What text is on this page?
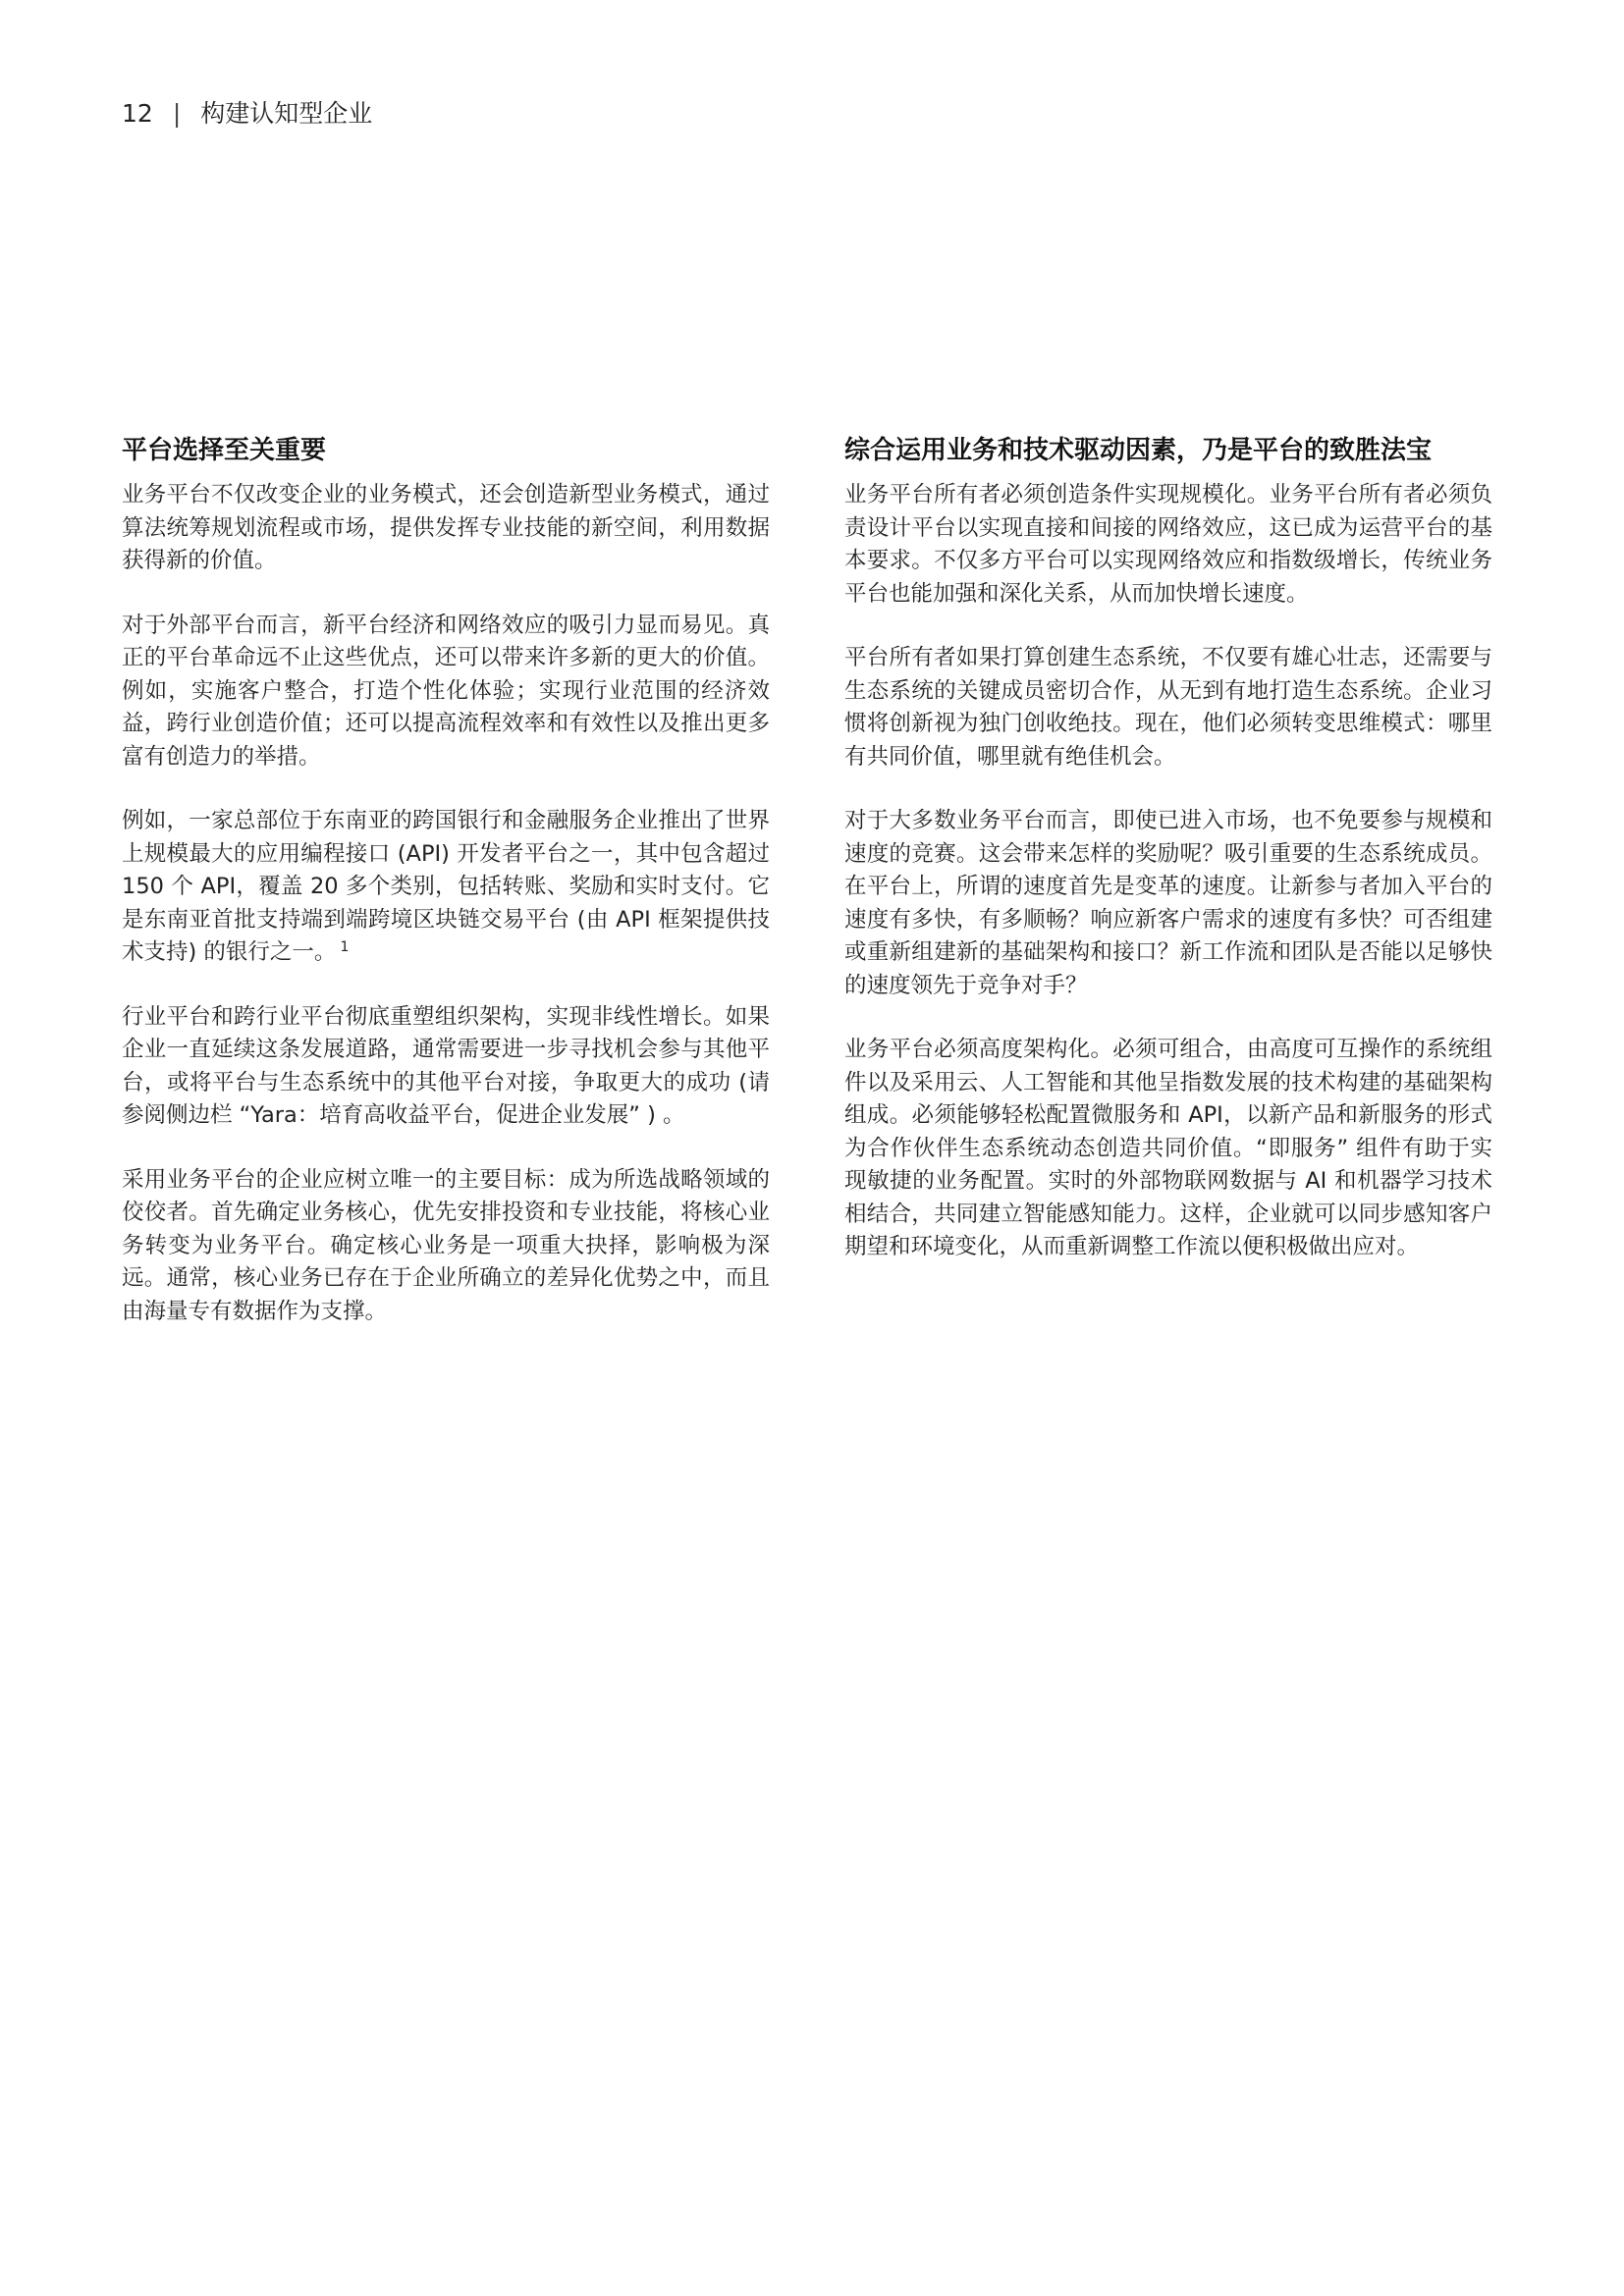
12 | 构建认知型企业
平台选择至关重要

业务平台不仅改变企业的业务模式，还会创造新型业务模式，通过算法统筹规划流程或市场，提供发挥专业技能的新空间，利用数据获得新的价值。

对于外部平台而言，新平台经济和网络效应的吸引力显而易见。真正的平台革命远不止这些优点，还可以带来许多新的更大的价值。例如，实施客户整合，打造个性化体验；实现行业范围的经济效益，跨行业创造价值；还可以提高流程效率和有效性以及推出更多富有创造力的举措。

例如，一家总部位于东南亚的跨国银行和金融服务企业推出了世界上规模最大的应用编程接口 (API) 开发者平台之一，其中包含超过 150 个 API，覆盖 20 多个类别，包括转账、奖励和实时支付。它是东南亚首批支持端到端跨境区块链交易平台 (由 API 框架提供技术支持) 的银行之一。 $^1$

行业平台和跨行业平台彻底重塑组织架构，实现非线性增长。如果企业一直延续这条发展道路，通常需要进一步寻找机会参与其他平台，或将平台与生态系统中的其他平台对接，争取更大的成功 (请参阅侧边栏 “Yara：培育高收益平台，促进企业发展” ) 。

采用业务平台的企业应树立唯一的主要目标：成为所选战略领域的佼佼者。首先确定业务核心，优先安排投资和专业技能，将核心业务转变为业务平台。确定核心业务是一项重大抉择，影响极为深远。通常，核心业务已存在于企业所确立的差异化优势之中，而且由海量专有数据作为支撑。

综合运用业务和技术驱动因素，乃是平台的致胜法宝

业务平台所有者必须创造条件实现规模化。业务平台所有者必须负责设计平台以实现直接和间接的网络效应，这已成为运营平台的基本要求。不仅多方平台可以实现网络效应和指数级增长，传统业务平台也能加强和深化关系，从而加快增长速度。

平台所有者如果打算创建生态系统，不仅要有雄心壮志，还需要与生态系统的关键成员密切合作，从无到有地打造生态系统。企业习惯将创新视为独门创收绝技。现在，他们必须转变思维模式：哪里有共同价值，哪里就有绝佳机会。

对于大多数业务平台而言，即使已进入市场，也不免要参与规模和速度的竞赛。这会带来怎样的奖励呢？吸引重要的生态系统成员。在平台上，所谓的速度首先是变革的速度。让新参与者加入平台的速度有多快，有多顺畅？响应新客户需求的速度有多快？可否组建或重新组建新的基础架构和接口？新工作流和团队是否能以足够快的速度领先于竞争对手？

业务平台必须高度架构化。必须可组合，由高度可互操作的系统组件以及采用云、人工智能和其他呈指数发展的技术构建的基础架构组成。必须能够轻松配置微服务和 API，以新产品和新服务的形式为合作伙伴生态系统动态创造共同价值。“即服务” 组件有助于实现敏捷的业务配置。实时的外部物联网数据与 AI 和机器学习技术相结合，共同建立智能感知能力。这样，企业就可以同步感知客户期望和环境变化，从而重新调整工作流以便积极做出应对。
